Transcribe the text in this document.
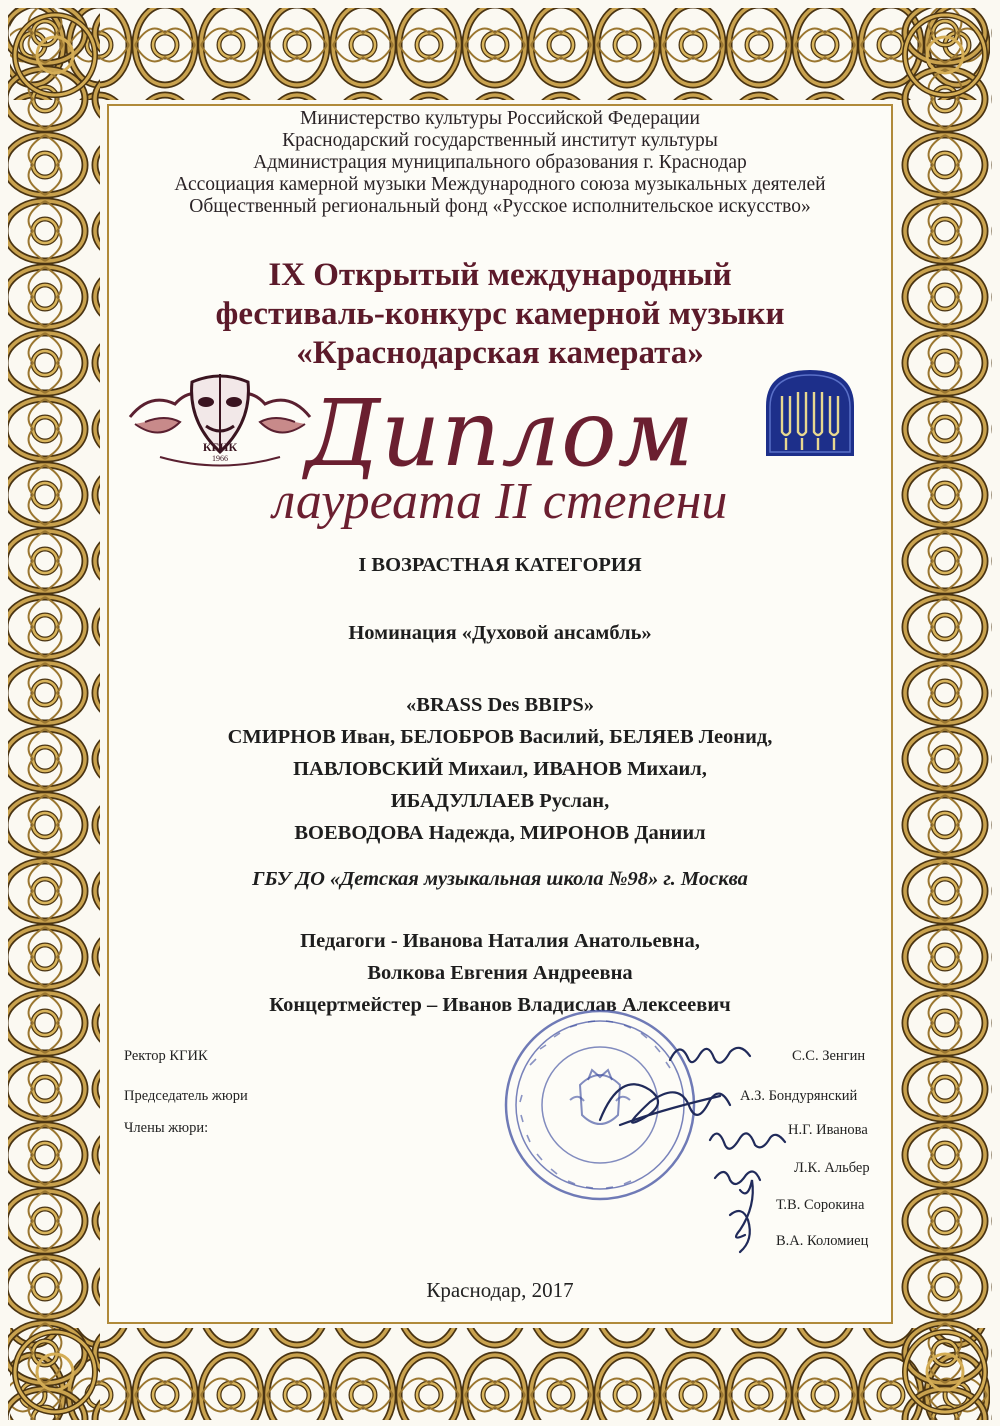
Министерство культуры Российской Федерации
Краснодарский государственный институт культуры
Администрация муниципального образования г. Краснодар
Ассоциация камерной музыки Международного союза музыкальных деятелей
Общественный региональный фонд «Русское исполнительское искусство»
IX Открытый международный
фестиваль-конкурс камерной музыки
«Краснодарская камерата»
КГИК
1966 Диплом
лауреата II степени
I ВОЗРАСТНАЯ КАТЕГОРИЯ
Номинация «Духовой ансамбль»
«BRASS Des BBIPS»
СМИРНОВ Иван, БЕЛОБРОВ Василий, БЕЛЯЕВ Леонид,
ПАВЛОВСКИЙ Михаил, ИВАНОВ Михаил,
ИБАДУЛЛАЕВ Руслан,
ВОЕВОДОВА Надежда, МИРОНОВ Даниил
ГБУ ДО «Детская музыкальная школа №98» г. Москва
Педагоги - Иванова Наталия Анатольевна,
Волкова Евгения Андреевна
Концертмейстер – Иванов Владислав Алексеевич
Ректор КГИК
Председатель жюри
Члены жюри:
С.С. Зенгин
А.З. Бондурянский
Н.Г. Иванова
Л.К. Альбер
Т.В. Сорокина
В.А. Коломиец
Краснодар, 2017
